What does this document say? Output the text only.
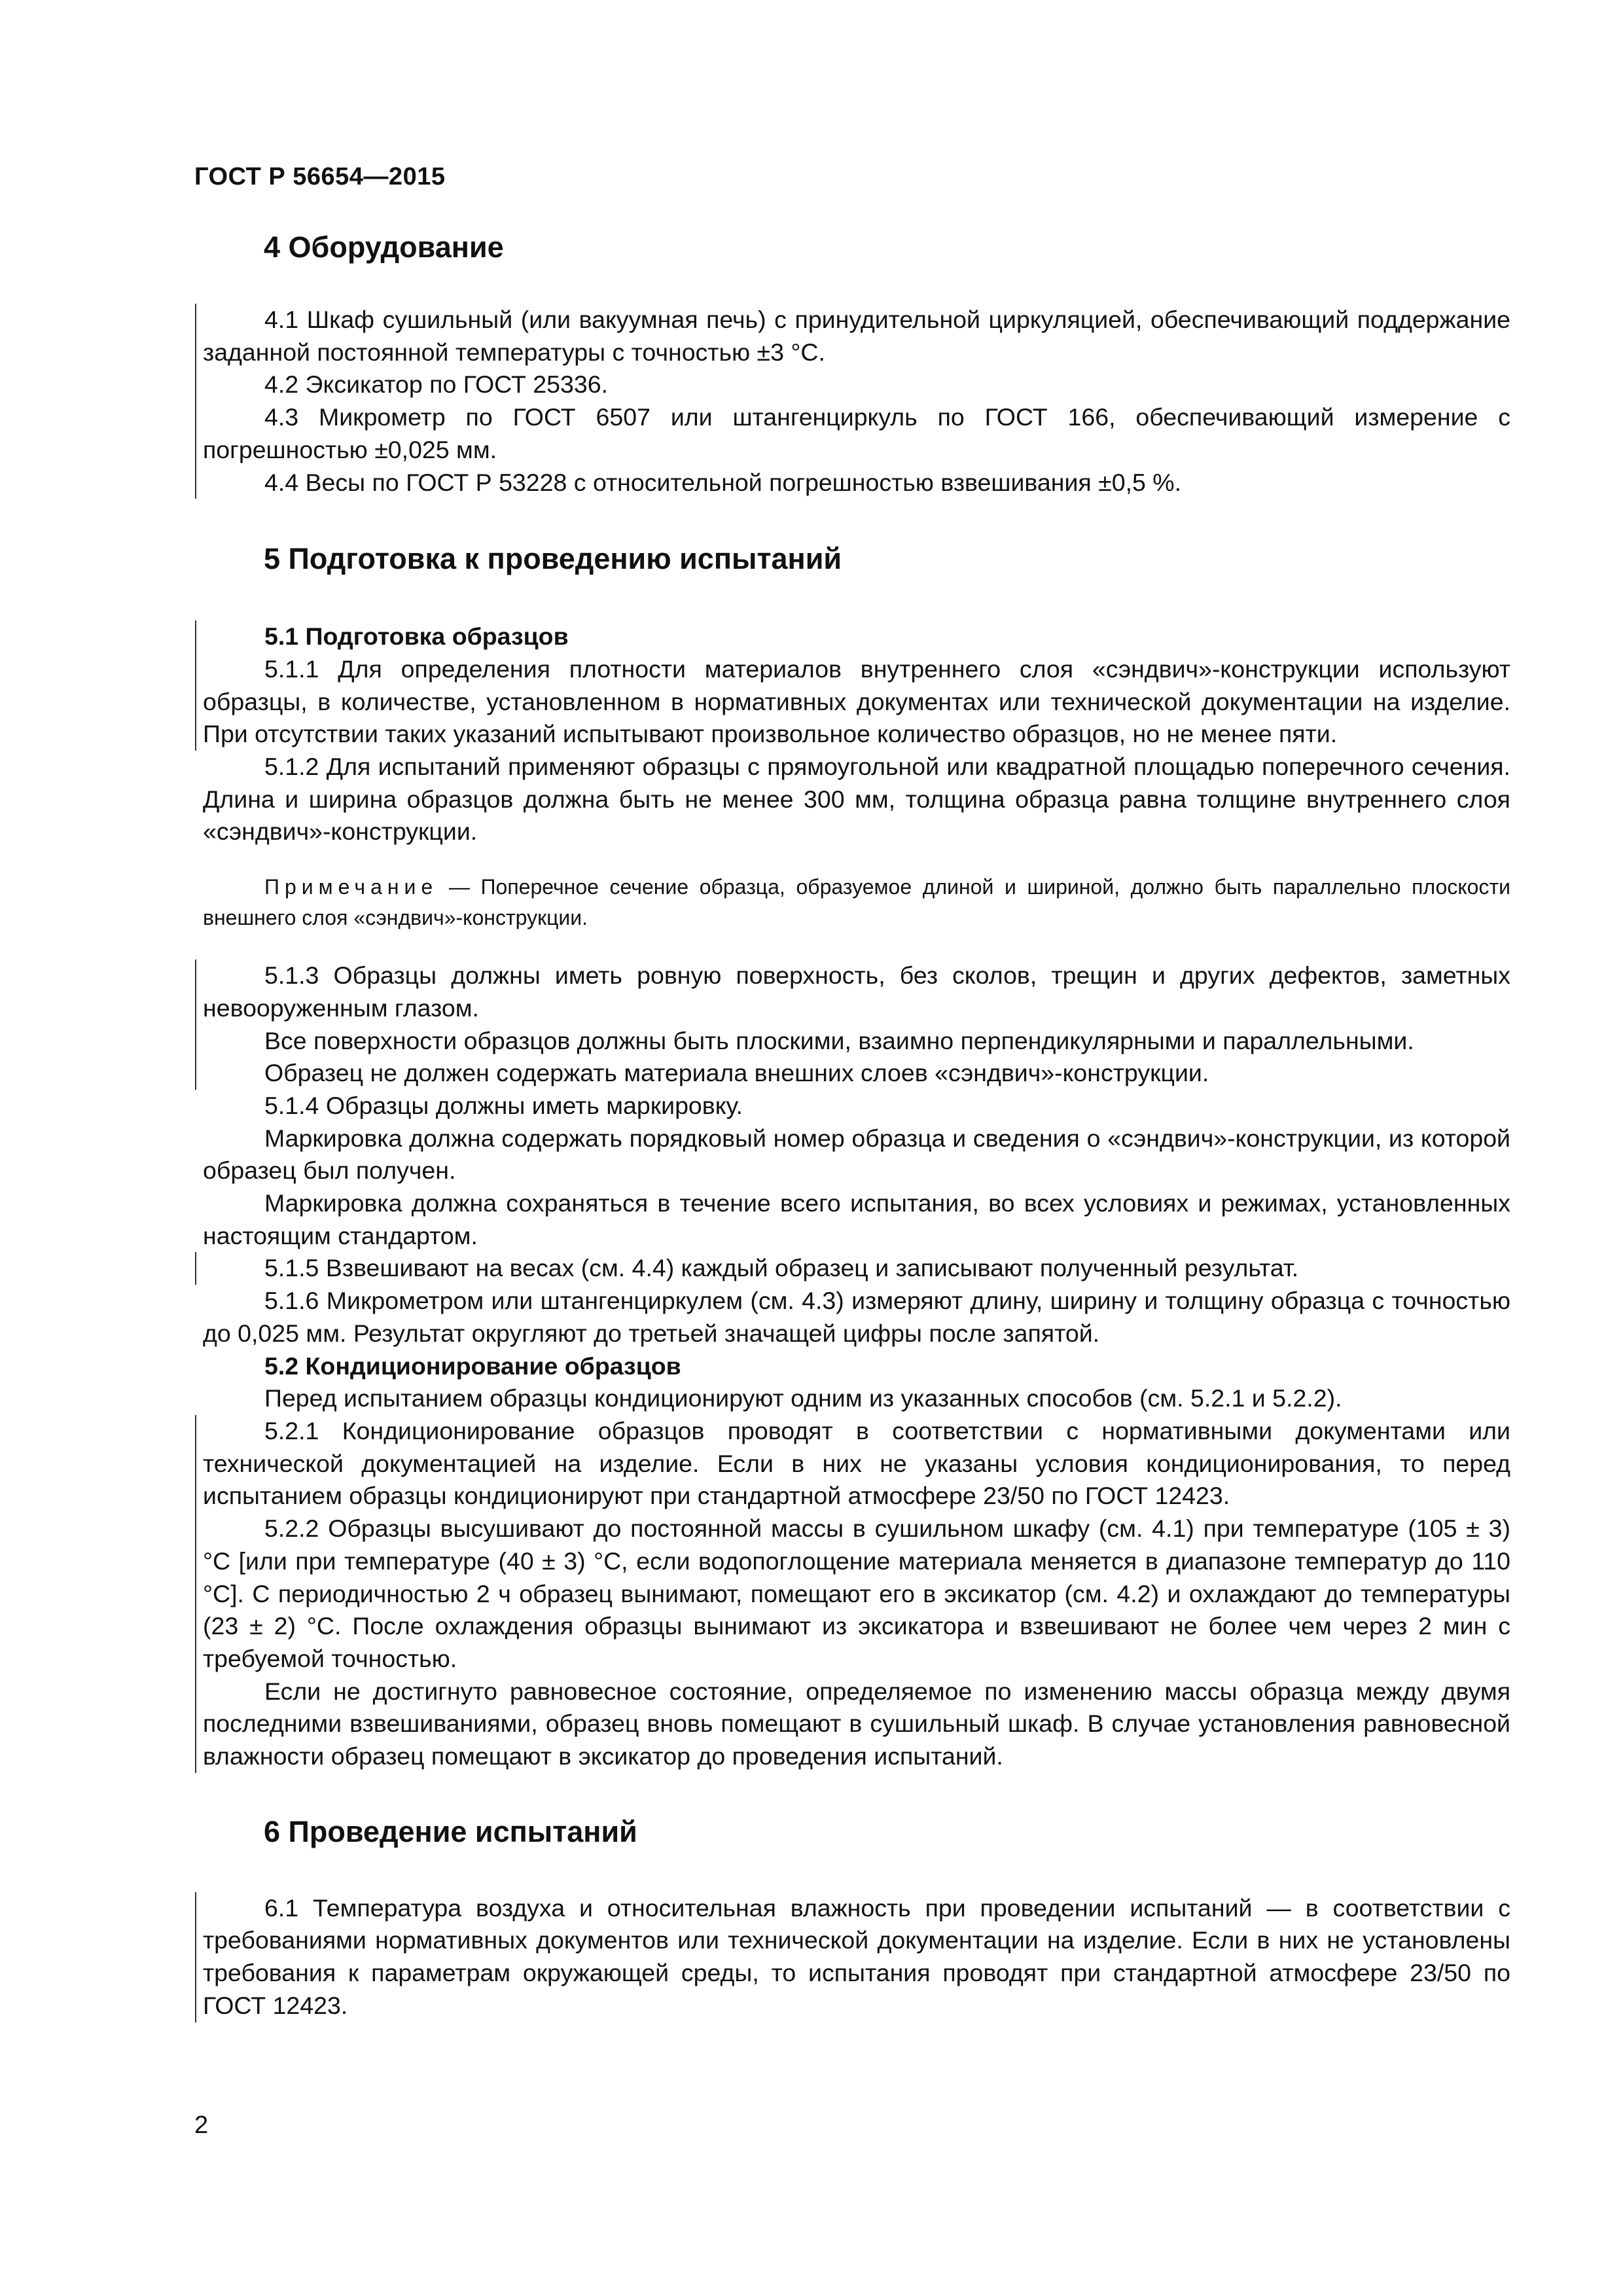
ГОСТ Р 56654—2015
4 Оборудование

4.1 Шкаф сушильный (или вакуумная печь) с принудительной циркуляцией, обеспечивающий поддержание заданной постоянной температуры с точностью ±3 °С.

4.2 Эксикатор по ГОСТ 25336.

4.3 Микрометр по ГОСТ 6507 или штангенциркуль по ГОСТ 166, обеспечивающий измерение с погрешностью ±0,025 мм.

4.4 Весы по ГОСТ Р 53228 с относительной погрешностью взвешивания ±0,5 %.

5 Подготовка к проведению испытаний
5.1 Подготовка образцов

5.1.1 Для определения плотности материалов внутреннего слоя «сэндвич»-конструкции используют образцы, в количестве, установленном в нормативных документах или технической документации на изделие. При отсутствии таких указаний испытывают произвольное количество образцов, но не менее пяти.

5.1.2 Для испытаний применяют образцы с прямоугольной или квадратной площадью поперечного сечения. Длина и ширина образцов должна быть не менее 300 мм, толщина образца равна толщине внутреннего слоя «сэндвич»-конструкции.

Примечание — Поперечное сечение образца, образуемое длиной и шириной, должно быть параллельно плоскости внешнего слоя «сэндвич»-конструкции.

5.1.3 Образцы должны иметь ровную поверхность, без сколов, трещин и других дефектов, заметных невооруженным глазом.

Все поверхности образцов должны быть плоскими, взаимно перпендикулярными и параллельными.

Образец не должен содержать материала внешних слоев «сэндвич»-конструкции.

5.1.4 Образцы должны иметь маркировку.

Маркировка должна содержать порядковый номер образца и сведения о «сэндвич»-конструкции, из которой образец был получен.

Маркировка должна сохраняться в течение всего испытания, во всех условиях и режимах, установленных настоящим стандартом.

5.1.5 Взвешивают на весах (см. 4.4) каждый образец и записывают полученный результат.

5.1.6 Микрометром или штангенциркулем (см. 4.3) измеряют длину, ширину и толщину образца с точностью до 0,025 мм. Результат округляют до третьей значащей цифры после запятой.

5.2 Кондиционирование образцов

Перед испытанием образцы кондиционируют одним из указанных способов (см. 5.2.1 и 5.2.2).

5.2.1 Кондиционирование образцов проводят в соответствии с нормативными документами или технической документацией на изделие. Если в них не указаны условия кондиционирования, то перед испытанием образцы кондиционируют при стандартной атмосфере 23/50 по ГОСТ 12423.

5.2.2 Образцы высушивают до постоянной массы в сушильном шкафу (см. 4.1) при температуре (105 ± 3) °С [или при температуре (40 ± 3) °С, если водопоглощение материала меняется в диапазоне температур до 110 °С]. С периодичностью 2 ч образец вынимают, помещают его в эксикатор (см. 4.2) и охлаждают до температуры (23 ± 2) °С. После охлаждения образцы вынимают из эксикатора и взвешивают не более чем через 2 мин с требуемой точностью.

Если не достигнуто равновесное состояние, определяемое по изменению массы образца между двумя последними взвешиваниями, образец вновь помещают в сушильный шкаф. В случае установления равновесной влажности образец помещают в эксикатор до проведения испытаний.

6 Проведение испытаний

6.1 Температура воздуха и относительная влажность при проведении испытаний — в соответствии с требованиями нормативных документов или технической документации на изделие. Если в них не установлены требования к параметрам окружающей среды, то испытания проводят при стандартной атмосфере 23/50 по ГОСТ 12423.

2
